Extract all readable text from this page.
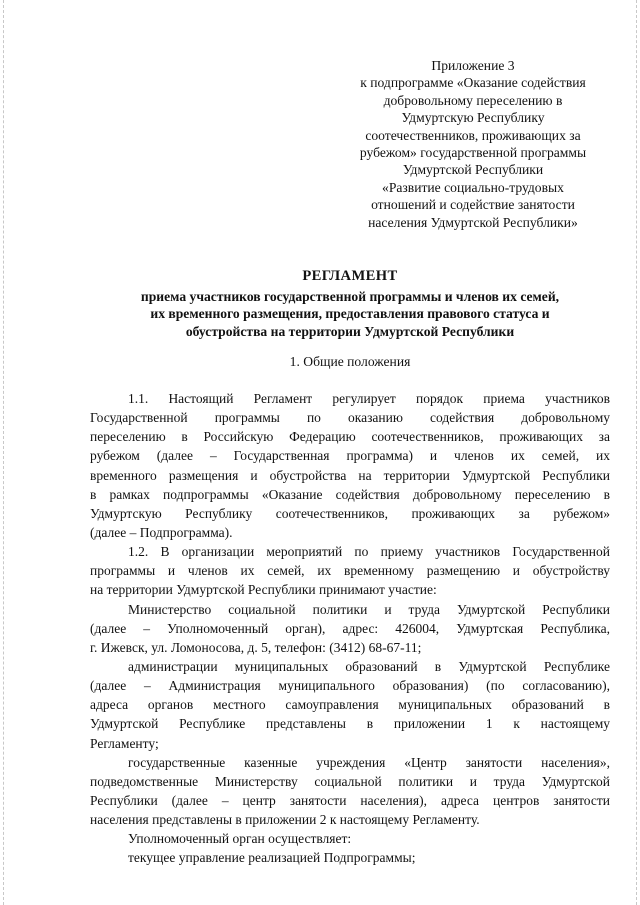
Приложение 3
к подпрограмме «Оказание содействия
добровольному переселению в
Удмуртскую Республику
соотечественников, проживающих за
рубежом» государственной программы
Удмуртской Республики
«Развитие социально-трудовых
отношений и содействие занятости
населения Удмуртской Республики»
РЕГЛАМЕНТ
приема участников государственной программы и членов их семей,
их временного размещения, предоставления правового статуса и
обустройства на территории Удмуртской Республики
1. Общие положения
1.1. Настоящий Регламент регулирует порядок приема участников
Государственной программы по оказанию содействия добровольному
переселению в Российскую Федерацию соотечественников, проживающих за
рубежом (далее – Государственная программа) и членов их семей, их
временного размещения и обустройства на территории Удмуртской Республики
в рамках подпрограммы «Оказание содействия добровольному переселению в
Удмуртскую Республику соотечественников, проживающих за рубежом»
(далее – Подпрограмма).
1.2. В организации мероприятий по приему участников Государственной
программы и членов их семей, их временному размещению и обустройству
на территории Удмуртской Республики принимают участие:
Министерство социальной политики и труда Удмуртской Республики
(далее – Уполномоченный орган), адрес: 426004, Удмуртская Республика,
г. Ижевск, ул. Ломоносова, д. 5, телефон: (3412) 68-67-11;
администрации муниципальных образований в Удмуртской Республике
(далее – Администрация муниципального образования) (по согласованию),
адреса органов местного самоуправления муниципальных образований в
Удмуртской Республике представлены в приложении 1 к настоящему
Регламенту;
государственные казенные учреждения «Центр занятости населения»,
подведомственные Министерству социальной политики и труда Удмуртской
Республики (далее – центр занятости населения), адреса центров занятости
населения представлены в приложении 2 к настоящему Регламенту.
Уполномоченный орган осуществляет:
текущее управление реализацией Подпрограммы;
